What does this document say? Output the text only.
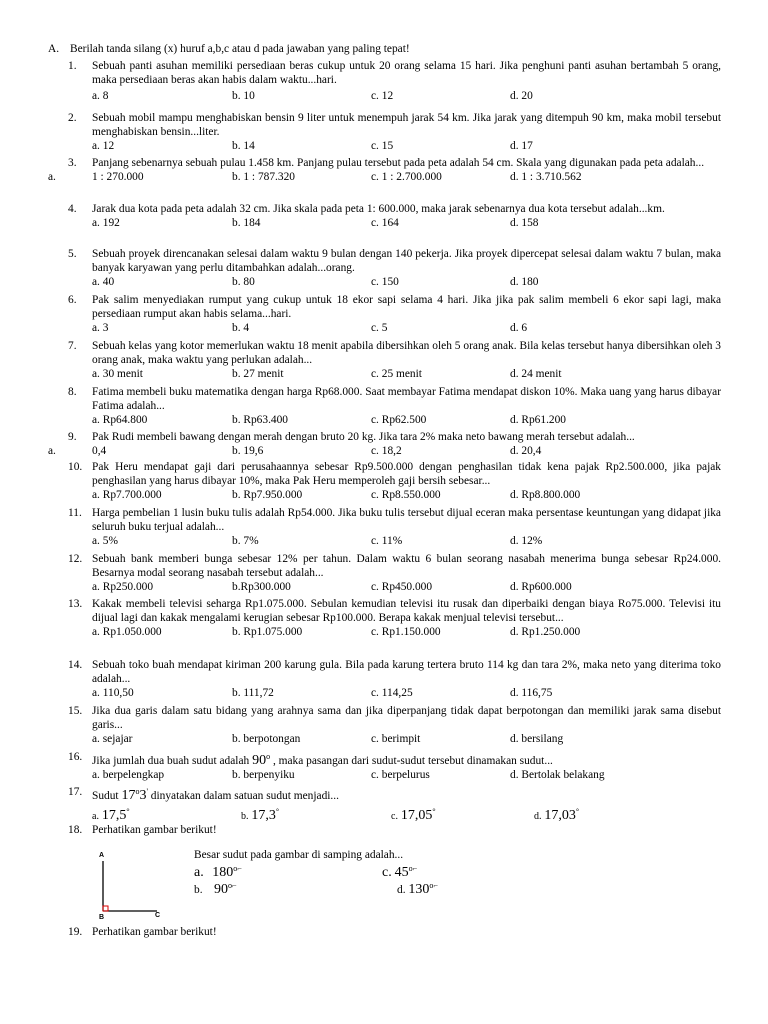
A. Berilah tanda silang (x) huruf a,b,c atau d pada jawaban yang paling tepat!
1.	Sebuah panti asuhan memiliki persediaan beras cukup untuk 20 orang selama 15 hari. Jika penghuni panti asuhan bertambah 5 orang, maka persediaan beras akan habis dalam waktu...hari.
a. 8	b. 10	c. 12	d. 20
2.	Sebuah mobil mampu menghabiskan bensin 9 liter untuk menempuh jarak 54 km. Jika jarak yang ditempuh 90 km, maka mobil tersebut menghabiskan bensin...liter.
a. 12	b. 14	c. 15	d. 17
3.	Panjang sebenarnya sebuah pulau 1.458 km. Panjang pulau tersebut pada peta adalah 54 cm. Skala yang digunakan pada peta adalah...
a.	1 : 270.000	b. 1 : 787.320	c. 1 : 2.700.000	d. 1 : 3.710.562
4.	Jarak dua kota pada peta adalah 32 cm. Jika skala pada peta 1: 600.000, maka jarak sebenarnya dua kota tersebut adalah...km.
a. 192	b. 184	c. 164	d. 158
5.	Sebuah proyek direncanakan selesai dalam waktu 9 bulan dengan 140 pekerja. Jika proyek dipercepat selesai dalam waktu 7 bulan, maka banyak karyawan yang perlu ditambahkan adalah...orang.
a. 40	b. 80	c. 150	d. 180
6.	Pak salim menyediakan rumput yang cukup untuk 18 ekor sapi selama 4 hari. Jika jika pak salim membeli 6 ekor sapi lagi, maka persediaan rumput akan habis selama...hari.
a. 3	b. 4	c. 5	d. 6
7.	Sebuah kelas yang kotor memerlukan waktu 18 menit apabila dibersihkan oleh 5 orang anak. Bila kelas tersebut hanya dibersihkan oleh 3 orang anak, maka waktu yang perlukan adalah...
a. 30 menit	b. 27 menit	c. 25 menit	d. 24 menit
8.	Fatima membeli buku matematika dengan harga Rp68.000. Saat membayar Fatima mendapat diskon 10%. Maka uang yang harus dibayar Fatima adalah...
a. Rp64.800	b. Rp63.400	c. Rp62.500	d. Rp61.200
9.	Pak Rudi membeli bawang dengan merah dengan bruto 20 kg. Jika tara 2% maka neto bawang merah tersebut adalah...
a.	0,4	b. 19,6	c. 18,2	d. 20,4
10. Pak Heru mendapat gaji dari perusahaannya sebesar Rp9.500.000 dengan penghasilan tidak kena pajak Rp2.500.000, jika pajak penghasilan yang harus dibayar 10%, maka Pak Heru memperoleh gaji bersih sebesar...
a. Rp7.700.000	b. Rp7.950.000	c. Rp8.550.000	d. Rp8.800.000
11. Harga pembelian 1 lusin buku tulis adalah Rp54.000. Jika buku tulis tersebut dijual eceran maka persentase keuntungan yang didapat jika seluruh buku terjual adalah...
a. 5%	b. 7%	c. 11%	d. 12%
12. Sebuah bank memberi bunga sebesar 12% per tahun. Dalam waktu 6 bulan seorang nasabah menerima bunga sebesar Rp24.000. Besarnya modal seorang nasabah tersebut adalah...
a. Rp250.000	b.Rp300.000	c. Rp450.000	d. Rp600.000
13. Kakak membeli televisi seharga Rp1.075.000. Sebulan kemudian televisi itu rusak dan diperbaiki dengan biaya Ro75.000. Televisi itu dijual lagi dan kakak mengalami kerugian sebesar Rp100.000. Berapa kakak menjual televisi tersebut...
a. Rp1.050.000	b. Rp1.075.000	c. Rp1.150.000	d. Rp1.250.000
14. Sebuah toko buah mendapat kiriman 200 karung gula. Bila pada karung tertera bruto 114 kg dan tara 2%, maka neto yang diterima toko adalah...
a. 110,50	b. 111,72	c. 114,25	d. 116,75
15. Jika dua garis dalam satu bidang yang arahnya sama dan jika diperpanjang tidak dapat berpotongan dan memiliki jarak sama disebut garis...
a. sejajar	b. berpotongan	c. berimpit	d. bersilang
16. Jika jumlah dua buah sudut adalah 90$^o$ , maka pasangan dari sudut-sudut tersebut dinamakan sudut...
a. berpelengkap	b. berpenyiku	c. berpelurus	d. Bertolak belakang
17. Sudut 17$^o$3' dinyatakan dalam satuan sudut menjadi...
a. 17,5°	b. 17,3°	c. 17,05°	d. 17,03°
18. Perhatikan gambar berikut!
A
B	C
Besar sudut pada gambar di samping adalah...
a. $180^{o⌐}$	c. $45^{o⌐}$
b. $90^{o⌐}$	d. $130^{o⌐}$
19. Perhatikan gambar berikut!
